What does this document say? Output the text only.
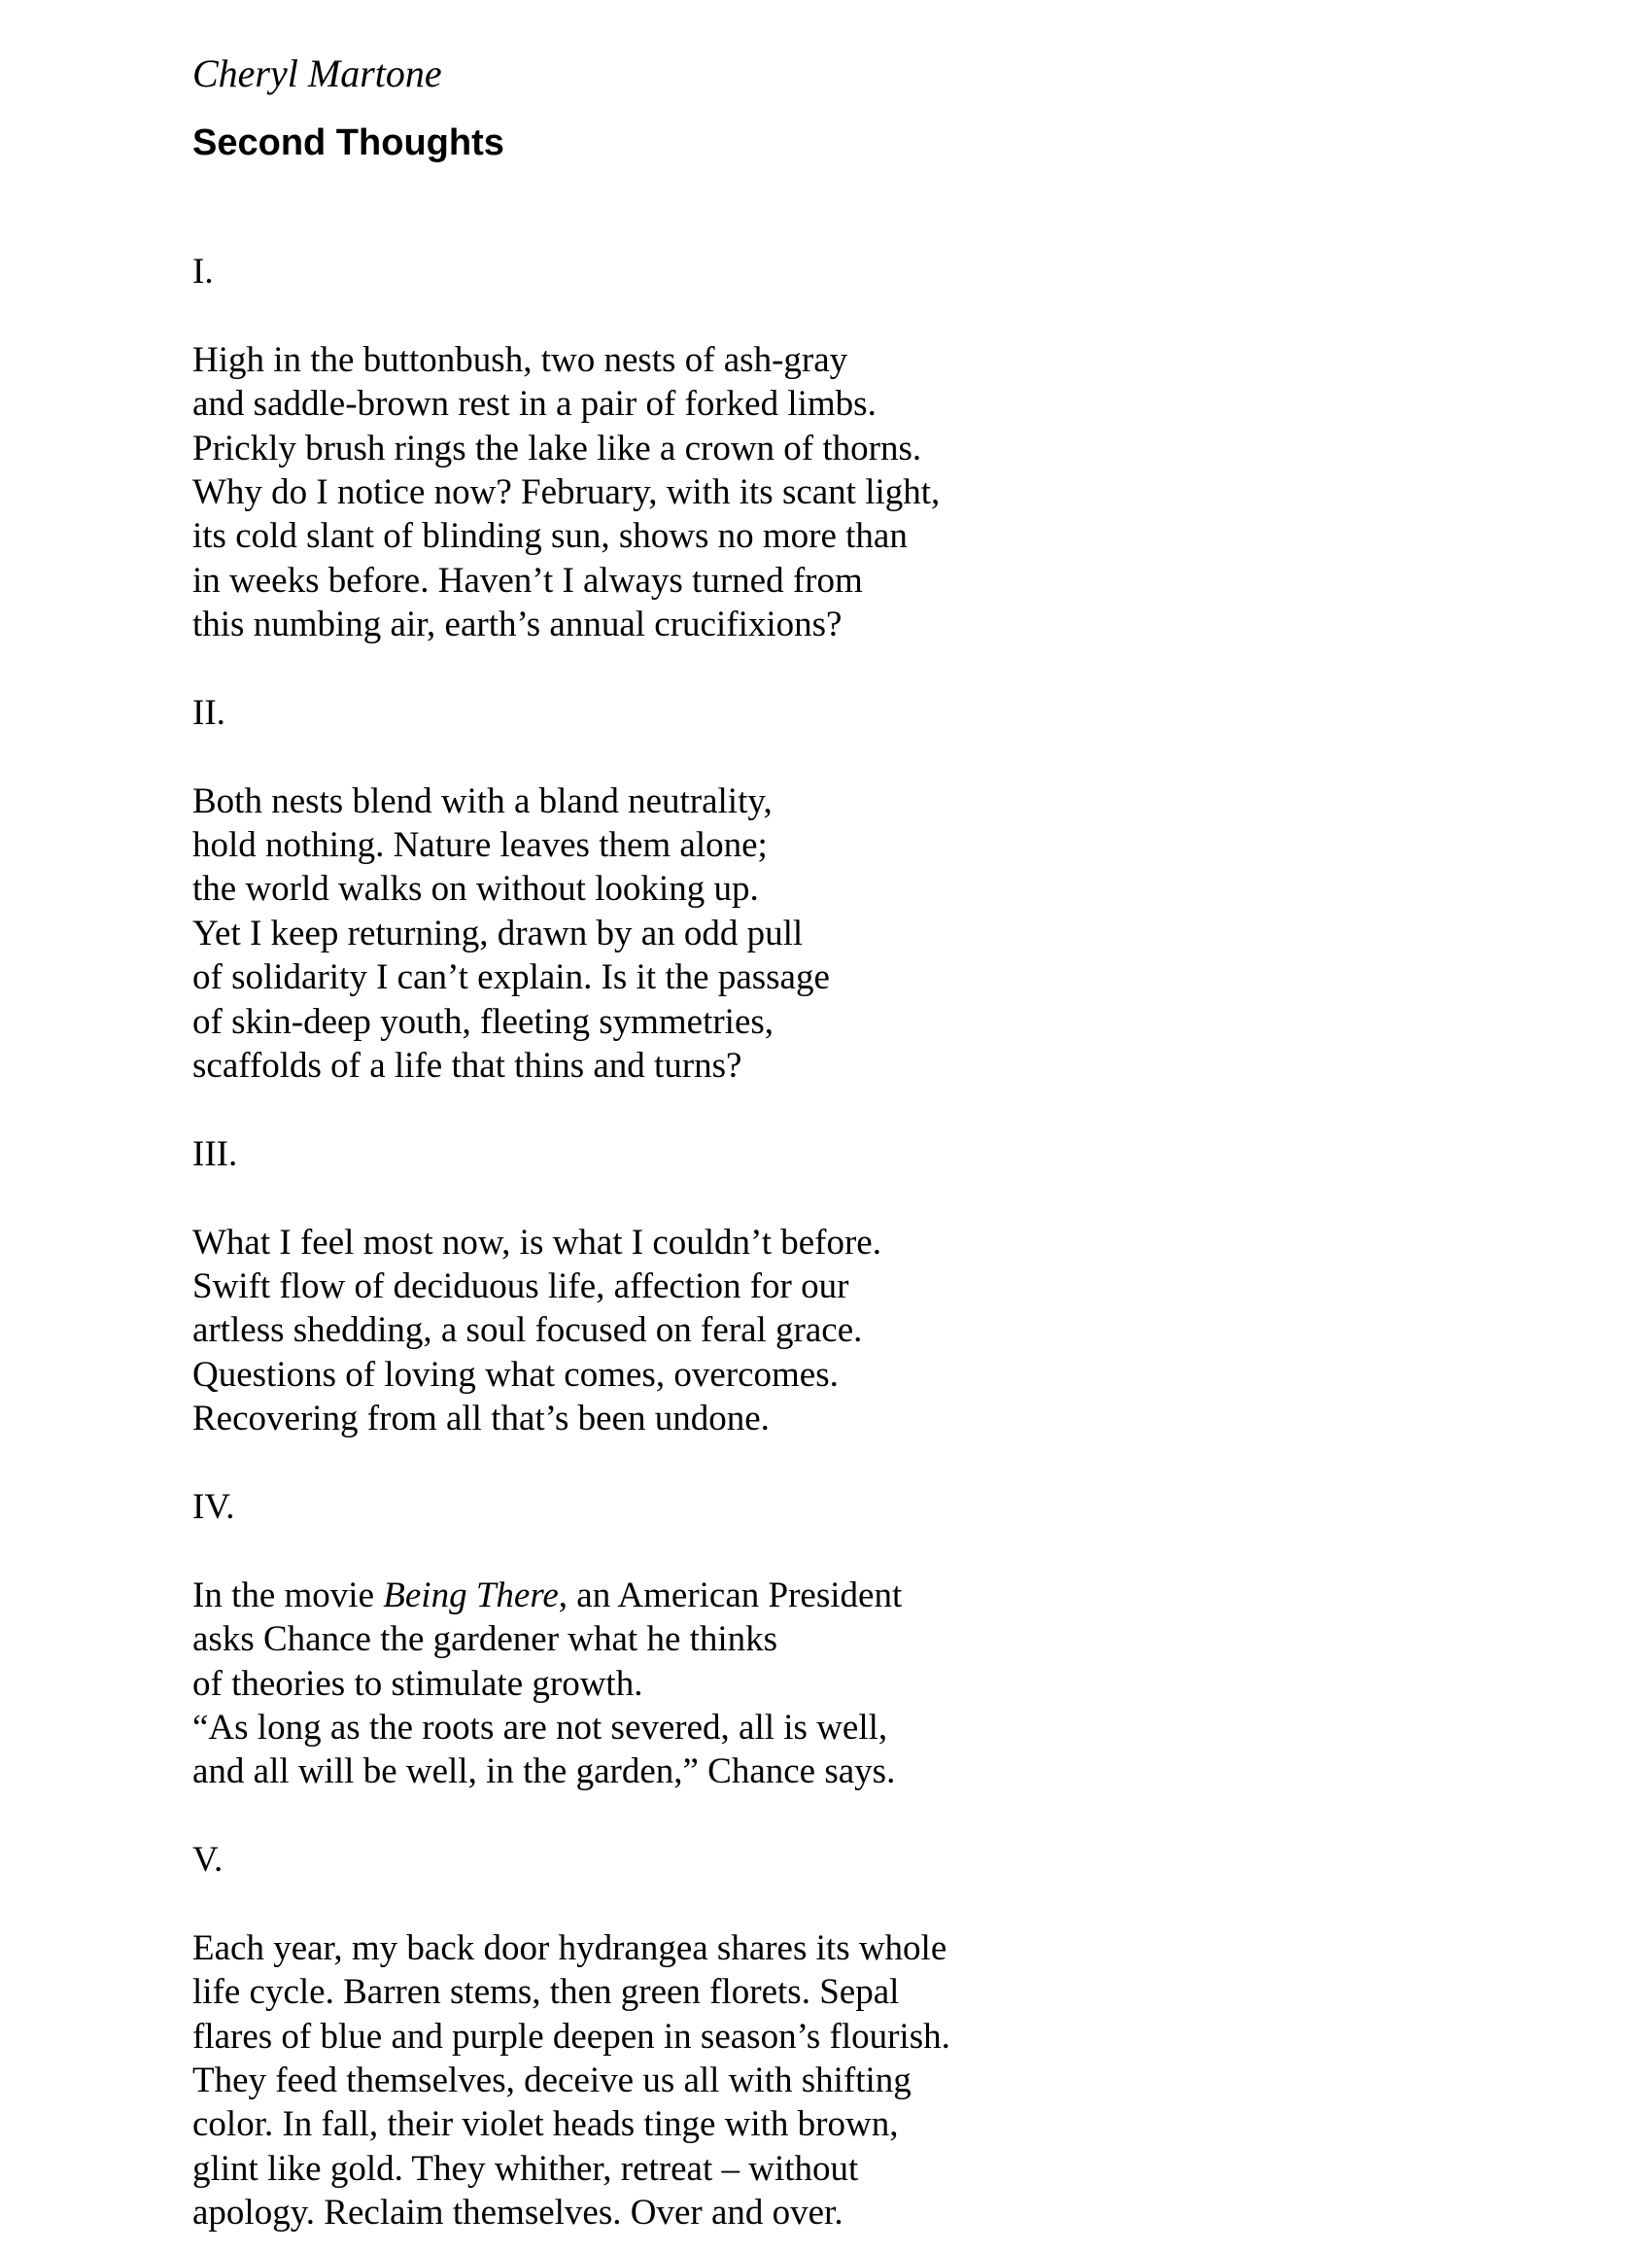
Cheryl Martone
Second Thoughts
I.
High in the buttonbush, two nests of ash-gray
and saddle-brown rest in a pair of forked limbs.
Prickly brush rings the lake like a crown of thorns.
Why do I notice now? February, with its scant light,
its cold slant of blinding sun, shows no more than
in weeks before. Haven’t I always turned from
this numbing air, earth’s annual crucifixions?
II.
Both nests blend with a bland neutrality,
hold nothing. Nature leaves them alone;
the world walks on without looking up.
Yet I keep returning, drawn by an odd pull
of solidarity I can’t explain. Is it the passage
of skin-deep youth, fleeting symmetries,
scaffolds of a life that thins and turns?
III.
What I feel most now, is what I couldn’t before.
Swift flow of deciduous life, affection for our
artless shedding, a soul focused on feral grace.
Questions of loving what comes, overcomes.
Recovering from all that’s been undone.
IV.
In the movie Being There, an American President
asks Chance the gardener what he thinks
of theories to stimulate growth.
“As long as the roots are not severed, all is well,
and all will be well, in the garden,” Chance says.
V.
Each year, my back door hydrangea shares its whole
life cycle. Barren stems, then green florets. Sepal
flares of blue and purple deepen in season’s flourish.
They feed themselves, deceive us all with shifting
color. In fall, their violet heads tinge with brown,
glint like gold. They whither, retreat – without
apology. Reclaim themselves. Over and over.
